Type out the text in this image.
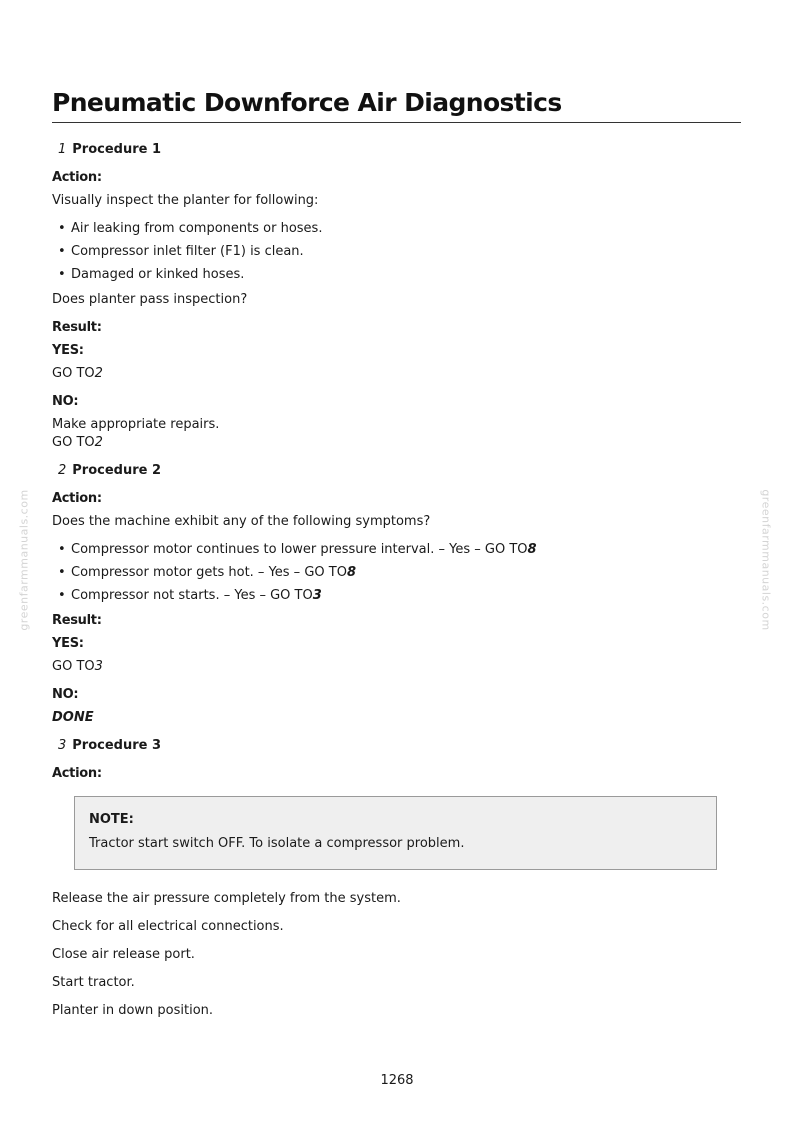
greenfarmmanuals.com	greenfarmmanuals.com
Pneumatic Downforce Air Diagnostics

1 Procedure 1

Action:

Visually inspect the planter for following:

• Air leaking from components or hoses.
• Compressor inlet filter (F1) is clean.
• Damaged or kinked hoses.

Does planter pass inspection?

Result:

YES:

GO TO2

NO:

Make appropriate repairs.

GO TO2

2 Procedure 2

Action:

Does the machine exhibit any of the following symptoms?

• Compressor motor continues to lower pressure interval. – Yes – GO TO8
• Compressor motor gets hot. – Yes – GO TO8
• Compressor not starts. – Yes – GO TO3

Result:

YES:

GO TO3

NO:

DONE

3 Procedure 3

Action:

NOTE:

Tractor start switch OFF. To isolate a compressor problem.

Release the air pressure completely from the system.

Check for all electrical connections.

Close air release port.

Start tractor.

Planter in down position.

1268
